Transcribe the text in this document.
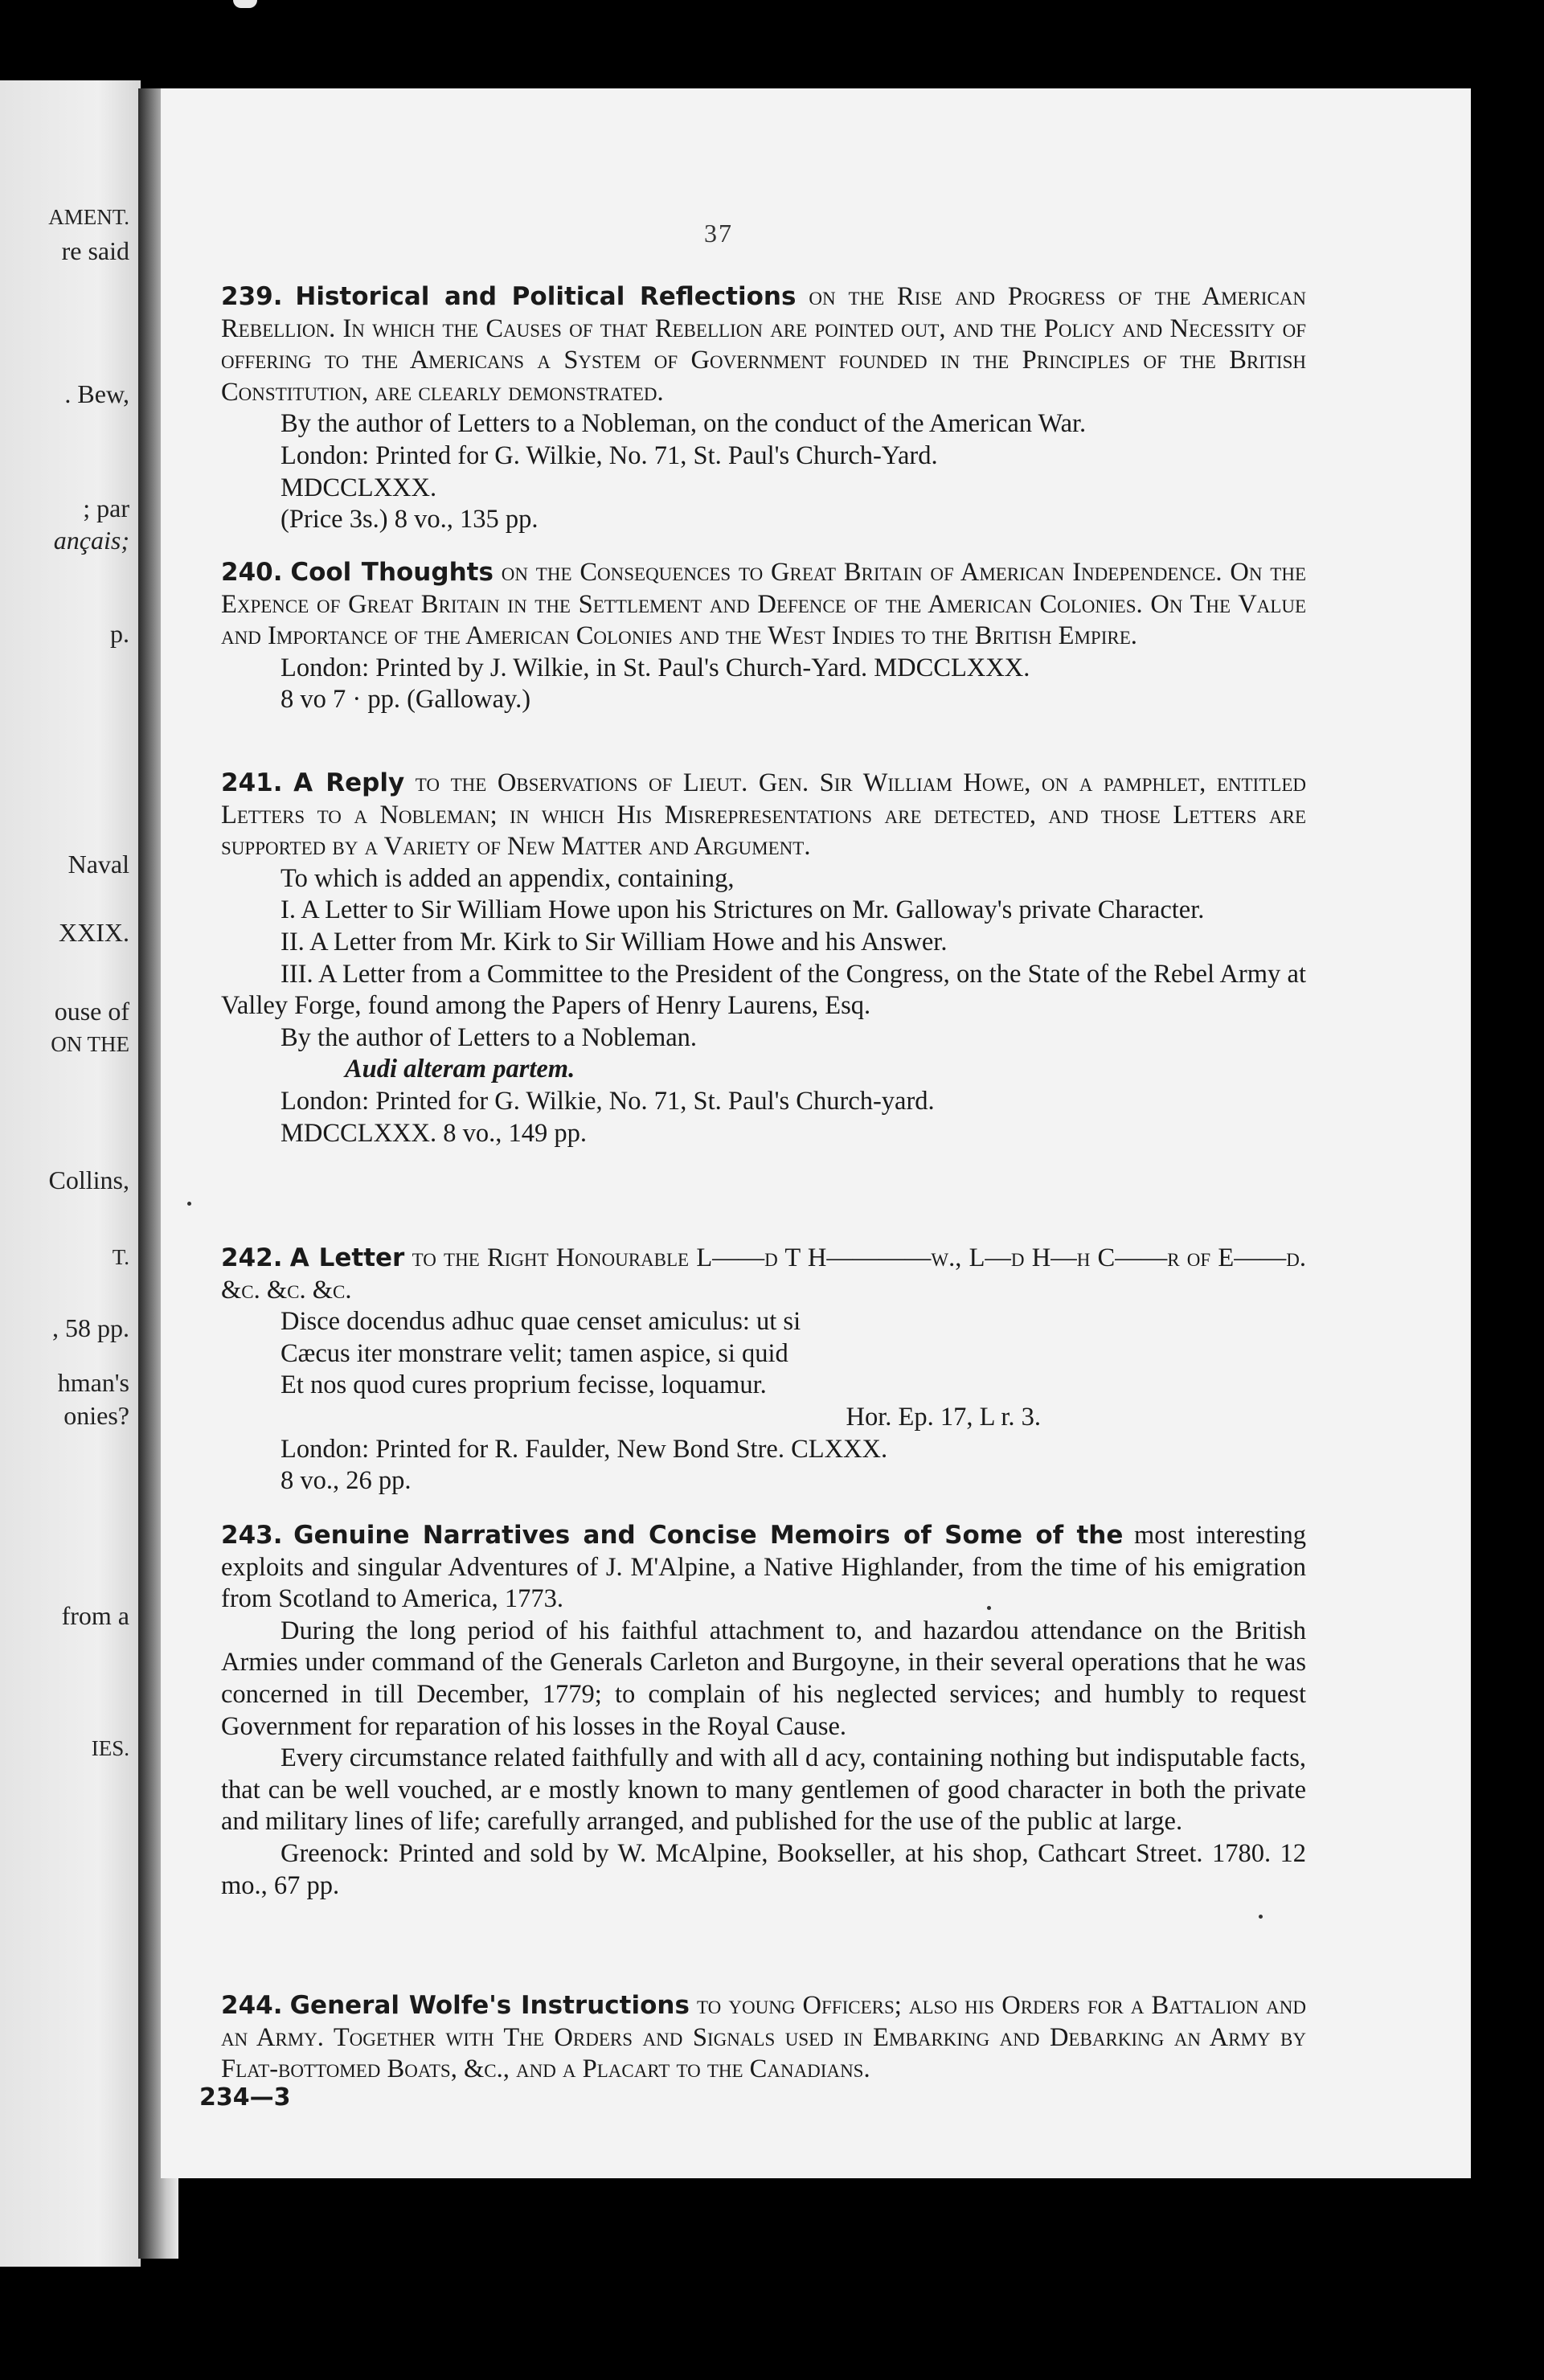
AMENT.
re said
. Bew,
; par
ançais;
p.
Naval
XXIX.
ouse of
ON THE
Collins,
T.
, 58 pp.
hman's
onies?
from a
IES.
37

239. Historical and Political Reflections on the Rise and Progress of the American Rebellion. In which the Causes of that Rebellion are pointed out, and the Policy and Necessity of offering to the Americans a System of Government founded in the Principles of the British Constitution, are clearly demonstrated.

By the author of Letters to a Nobleman, on the conduct of the American War.

London: Printed for G. Wilkie, No. 71, St. Paul's Church-Yard.

MDCCLXXX.

(Price 3s.) 8 vo., 135 pp.

240. Cool Thoughts on the Consequences to Great Britain of American Independence. On the Expence of Great Britain in the Settlement and Defence of the American Colonies. On The Value and Importance of the American Colonies and the West Indies to the British Empire.

London: Printed by J. Wilkie, in St. Paul's Church-Yard. MDCCLXXX.

8 vo 7 · pp. (Galloway.)

241. A Reply to the Observations of Lieut. Gen. Sir William Howe, on a pamphlet, entitled Letters to a Nobleman; in which His Misrepresentations are detected, and those Letters are supported by a Variety of New Matter and Argument.

To which is added an appendix, containing,

I. A Letter to Sir William Howe upon his Strictures on Mr. Galloway's private Character.

II. A Letter from Mr. Kirk to Sir William Howe and his Answer.

III. A Letter from a Committee to the President of the Congress, on the State of the Rebel Army at Valley Forge, found among the Papers of Henry Laurens, Esq.

By the author of Letters to a Nobleman.

Audi alteram partem.

London: Printed for G. Wilkie, No. 71, St. Paul's Church-yard.

MDCCLXXX. 8 vo., 149 pp.

242. A Letter to the Right Honourable L——d T H————w., L—d H—h C——r of E——d. &c. &c. &c.

Disce docendus adhuc quae censet amiculus: ut si

Cæcus iter monstrare velit; tamen aspice, si quid

Et nos quod cures proprium fecisse, loquamur.

Hor. Ep. 17, L r. 3.

London: Printed for R. Faulder, New Bond Stre. CLXXX.

8 vo., 26 pp.

243. Genuine Narratives and Concise Memoirs of Some of the most interesting exploits and singular Adventures of J. M'Alpine, a Native Highlander, from the time of his emigration from Scotland to America, 1773.

During the long period of his faithful attachment to, and hazardou attendance on the British Armies under command of the Generals Carleton and Burgoyne, in their several operations that he was concerned in till December, 1779; to complain of his neglected services; and humbly to request Government for reparation of his losses in the Royal Cause.

Every circumstance related faithfully and with all d acy, containing nothing but indisputable facts, that can be well vouched, ar e mostly known to many gentlemen of good character in both the private and military lines of life; carefully arranged, and published for the use of the public at large.

Greenock: Printed and sold by W. McAlpine, Bookseller, at his shop, Cathcart Street. 1780. 12 mo., 67 pp.

244. General Wolfe's Instructions to young Officers; also his Orders for a Battalion and an Army. Together with The Orders and Signals used in Embarking and Debarking an Army by Flat-bottomed Boats, &c., and a Placart to the Canadians.

234—3
